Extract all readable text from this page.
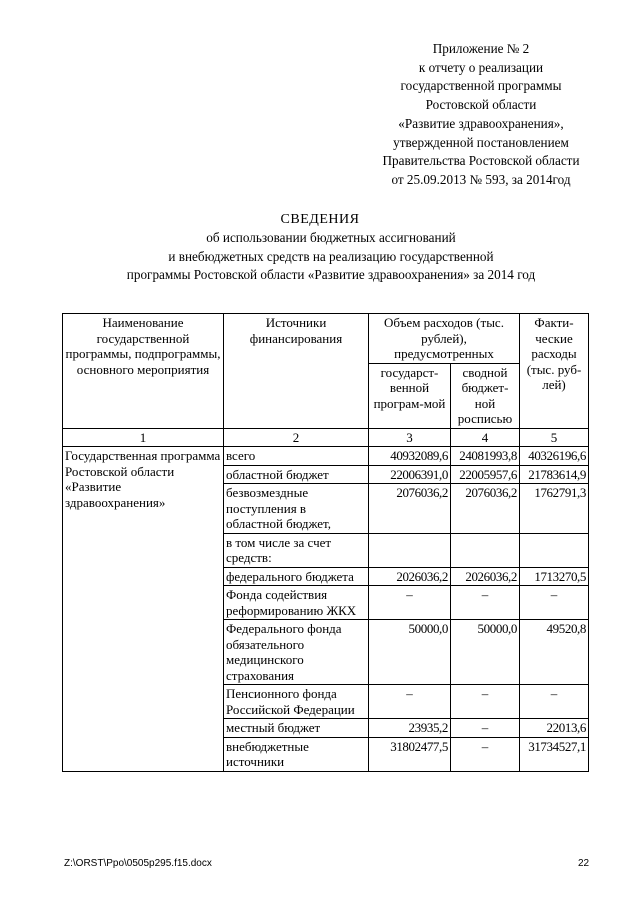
Приложение № 2
к отчету о реализации
государственной программы
Ростовской области
«Развитие здравоохранения»,
утвержденной постановлением
Правительства Ростовской области
от 25.09.2013 № 593, за 2014год
СВЕДЕНИЯ
об использовании бюджетных ассигнований
и внебюджетных средств на реализацию государственной
программы Ростовской области «Развитие здравоохранения» за 2014 год
Наименование государственной программы, подпрограммы, основного мероприятия	Источники финансирования	Объем расходов (тыс. рублей), предусмотренных		Факти-ческие расходы (тыс. руб-лей)
		государст-венной програм-мой	сводной бюджет-ной росписью	
1	2	3	4	5
Государственная программа Ростовской области «Развитие здравоохранения»	всего	40932089,6	24081993,8	40326196,6
	областной бюджет	22006391,0	22005957,6	21783614,9
	безвозмездные поступления в областной бюджет,	2076036,2	2076036,2	1762791,3
	в том числе за счет средств:			
	федерального бюджета	2026036,2	2026036,2	1713270,5
	Фонда содействия реформированию ЖКХ	–	–	–
	Федерального фонда обязательного медицинского страхования	50000,0	50000,0	49520,8
	Пенсионного фонда Российской Федерации	–	–	–
	местный бюджет	23935,2	–	22013,6
	внебюджетные источники	31802477,5	–	31734527,1
Z:\ORST\Ppo\0505p295.f15.docx	22
